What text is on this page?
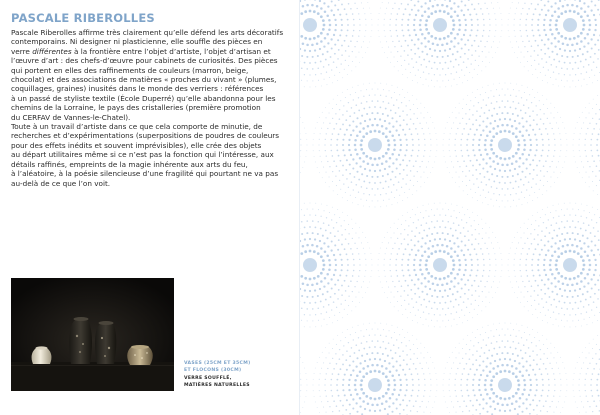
PASCALE RIBEROLLES

Pascale Riberolles affirme très clairement qu’elle défend les arts décoratifs
contemporains. Ni designer ni plasticienne, elle souffle des pièces en
verre différentes à la frontière entre l’objet d’artiste, l’objet d’artisan et
l’œuvre d’art : des chefs-d’œuvre pour cabinets de curiosités. Des pièces
qui portent en elles des raffinements de couleurs (marron, beige,
chocolat) et des associations de matières « proches du vivant » (plumes,
coquillages, graines) inusités dans le monde des verriers : références
à un passé de styliste textile (École Duperré) qu’elle abandonna pour les
chemins de la Lorraine, le pays des cristalleries (première promotion
du CERFAV de Vannes-le-Chatel).

Toute à un travail d’artiste dans ce que cela comporte de minutie, de
recherches et d’expérimentations (superpositions de poudres de couleurs
pour des effets inédits et souvent imprévisibles), elle crée des objets
au départ utilitaires même si ce n’est pas la fonction qui l’intéresse, aux
détails raffinés, empreints de la magie inhérente aux arts du feu,
à l’aléatoire, à la poésie silencieuse d’une fragilité qui pourtant ne va pas
au-delà de ce que l’on voit.

VASES (25CM ET 35CM)
ET FLOCONS (30CM)
VERRE SOUFFLÉ,
MATIÈRES NATURELLES
